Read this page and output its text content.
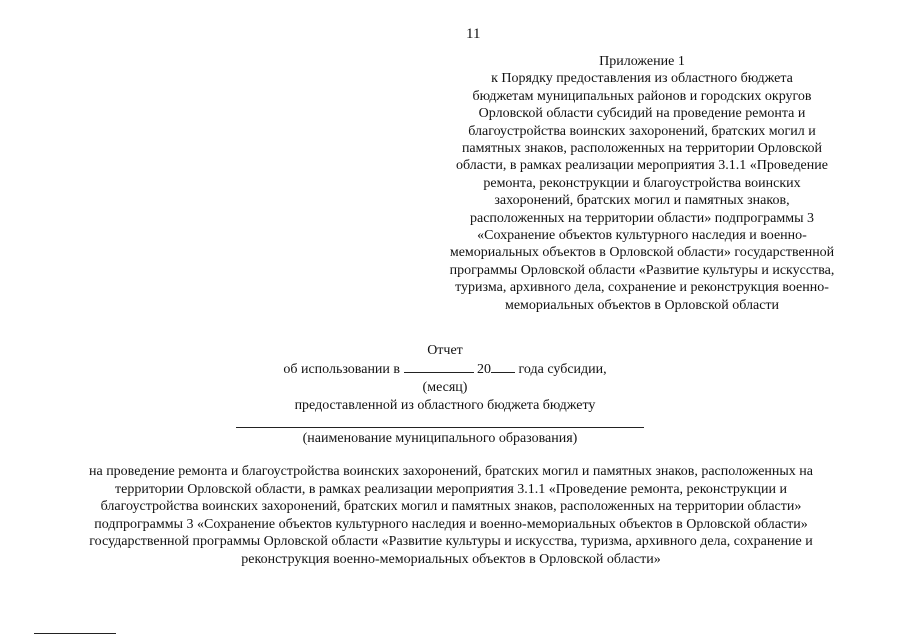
11
Приложение 1
к Порядку предоставления из областного бюджета
бюджетам муниципальных районов и городских округов
Орловской области субсидий на проведение ремонта и
благоустройства воинских захоронений, братских могил и
памятных знаков, расположенных на территории Орловской
области, в рамках реализации мероприятия 3.1.1 «Проведение
ремонта, реконструкции и благоустройства воинских
захоронений, братских могил и памятных знаков,
расположенных на территории области» подпрограммы 3
«Сохранение объектов культурного наследия и военно-
мемориальных объектов в Орловской области» государственной
программы Орловской области «Развитие культуры и искусства,
туризма, архивного дела, сохранение и реконструкция военно-
мемориальных объектов в Орловской области
Отчет
об использовании в	20 года субсидии,
(месяц)
предоставленной из областного бюджета бюджету
(наименование муниципального образования)
на проведение ремонта и благоустройства воинских захоронений, братских могил и памятных знаков, расположенных на
территории Орловской области, в рамках реализации мероприятия 3.1.1 «Проведение ремонта, реконструкции и
благоустройства воинских захоронений, братских могил и памятных знаков, расположенных на территории области»
подпрограммы 3 «Сохранение объектов культурного наследия и военно-мемориальных объектов в Орловской области»
государственной программы Орловской области «Развитие культуры и искусства, туризма, архивного дела, сохранение и
реконструкция военно-мемориальных объектов в Орловской области»
